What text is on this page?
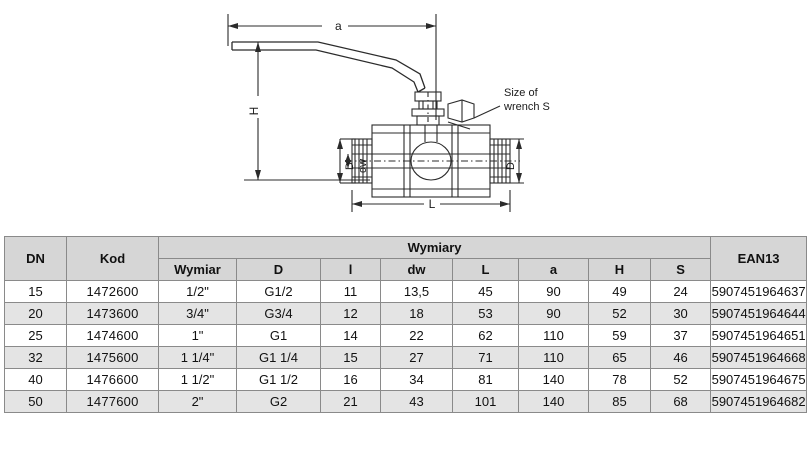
a
H
dw
D	D
L
Size of
wrench S
DN	Kod	Wymiary								EAN13
		Wymiar	D	l	dw	L	a	H	S	
15	1472600	1/2"	G1/2	11	13,5	45	90	49	24	5907451964637
20	1473600	3/4"	G3/4	12	18	53	90	52	30	5907451964644
25	1474600	1"	G1	14	22	62	110	59	37	5907451964651
32	1475600	1 1/4"	G1 1/4	15	27	71	110	65	46	5907451964668
40	1476600	1 1/2"	G1 1/2	16	34	81	140	78	52	5907451964675
50	1477600	2"	G2	21	43	101	140	85	68	5907451964682
